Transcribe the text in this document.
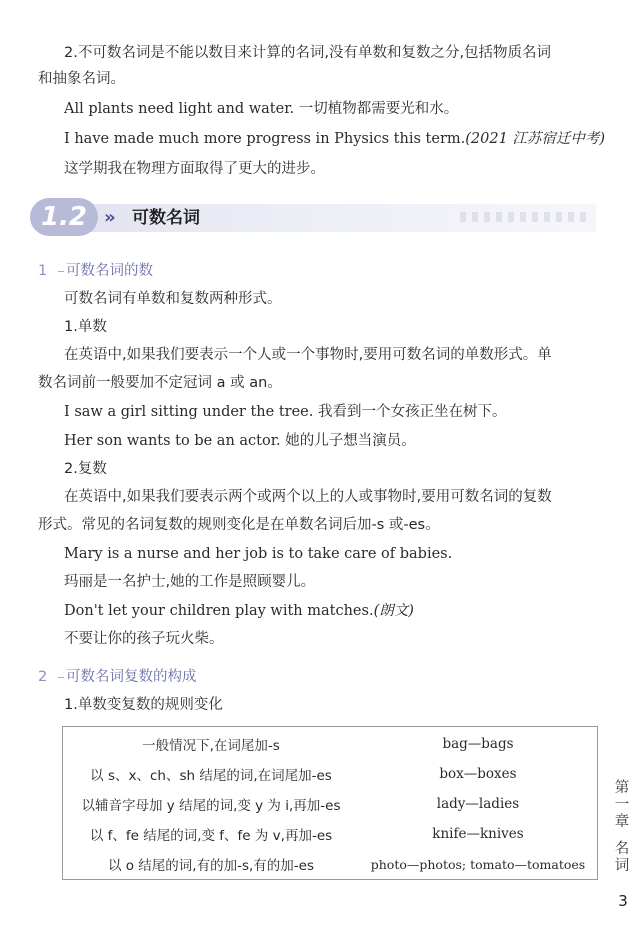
2.不可数名词是不能以数目来计算的名词,没有单数和复数之分,包括物质名词
和抽象名词。
All plants need light and water. 一切植物都需要光和水。
I have made much more progress in Physics this term.(2021 江苏宿迁中考)
这学期我在物理方面取得了更大的进步。
1.2 » 可数名词
1 可数名词的数
可数名词有单数和复数两种形式。
1.单数
在英语中,如果我们要表示一个人或一个事物时,要用可数名词的单数形式。单
数名词前一般要加不定冠词 a 或 an。
I saw a girl sitting under the tree. 我看到一个女孩正坐在树下。
Her son wants to be an actor. 她的儿子想当演员。
2.复数
在英语中,如果我们要表示两个或两个以上的人或事物时,要用可数名词的复数
形式。常见的名词复数的规则变化是在单数名词后加-s 或-es。
Mary is a nurse and her job is to take care of babies.
玛丽是一名护士,她的工作是照顾婴儿。
Don't let your children play with matches.(朗文)
不要让你的孩子玩火柴。
2 可数名词复数的构成
1.单数变复数的规则变化
一般情况下,在词尾加-s	bag—bags
以 s、x、ch、sh 结尾的词,在词尾加-es	box—boxes
以辅音字母加 y 结尾的词,变 y 为 i,再加-es	lady—ladies
以 f、fe 结尾的词,变 f、fe 为 v,再加-es	knife—knives
以 o 结尾的词,有的加-s,有的加-es	photo—photos; tomato—tomatoes
第
一
章
名
词
3
